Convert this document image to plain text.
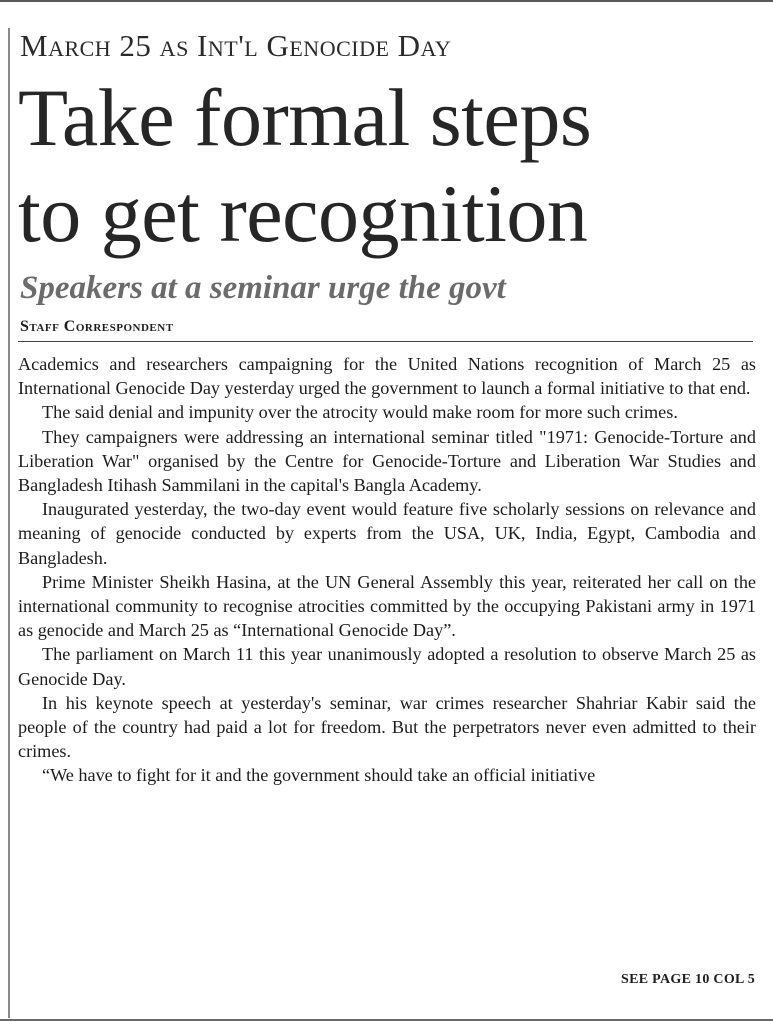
March 25 as Int'l Genocide Day
Take formal steps
to get recognition
Speakers at a seminar urge the govt
Staff Correspondent

Academics and researchers campaigning for the United Nations recognition of March 25 as International Genocide Day yesterday urged the government to launch a formal initiative to that end.

The said denial and impunity over the atrocity would make room for more such crimes.

They campaigners were addressing an international seminar titled "1971: Genocide-Torture and Liberation War" organised by the Centre for Genocide-Torture and Liberation War Studies and Bangladesh Itihash Sammilani in the capital's Bangla Academy.

Inaugurated yesterday, the two-day event would feature five scholarly sessions on relevance and meaning of genocide conducted by experts from the USA, UK, India, Egypt, Cambodia and Bangladesh.

Prime Minister Sheikh Hasina, at the UN General Assembly this year, reiterated her call on the international community to recognise atrocities committed by the occupying Pakistani army in 1971 as genocide and March 25 as “International Genocide Day”.

The parliament on March 11 this year unanimously adopted a resolution to observe March 25 as Genocide Day.

In his keynote speech at yesterday's seminar, war crimes researcher Shahriar Kabir said the people of the country had paid a lot for freedom. But the perpetrators never even admitted to their crimes.

“We have to fight for it and the government should take an official initiative

SEE PAGE 10 COL 5
